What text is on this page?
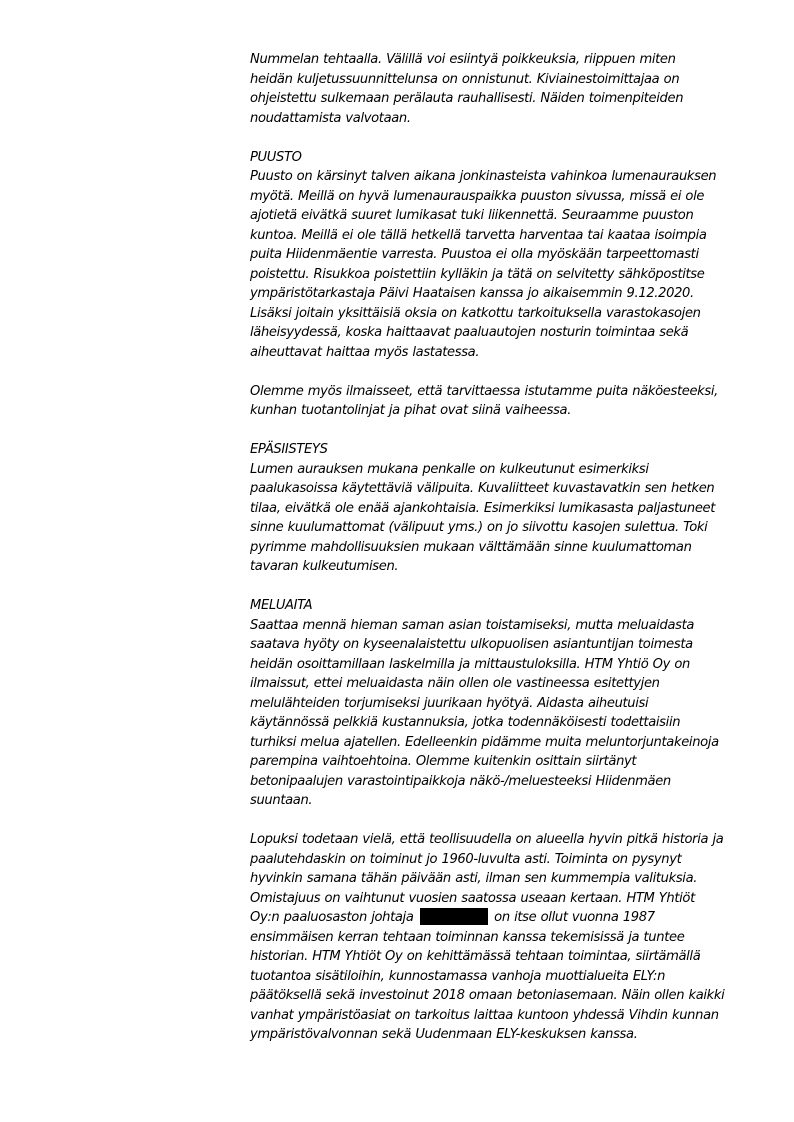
Nummelan tehtaalla. Välillä voi esiintyä poikkeuksia, riippuen miten
heidän kuljetussuunnittelunsa on onnistunut. Kiviainestoimittajaa on
ohjeistettu sulkemaan perälauta rauhallisesti. Näiden toimenpiteiden
noudattamista valvotaan.
PUUSTO
Puusto on kärsinyt talven aikana jonkinasteista vahinkoa lumenaurauksen
myötä. Meillä on hyvä lumenaurauspaikka puuston sivussa, missä ei ole
ajotietä eivätkä suuret lumikasat tuki liikennettä. Seuraamme puuston
kuntoa. Meillä ei ole tällä hetkellä tarvetta harventaa tai kaataa isoimpia
puita Hiidenmäentie varresta. Puustoa ei olla myöskään tarpeettomasti
poistettu. Risukkoa poistettiin kylläkin ja tätä on selvitetty sähköpostitse
ympäristötarkastaja Päivi Haataisen kanssa jo aikaisemmin 9.12.2020.
Lisäksi joitain yksittäisiä oksia on katkottu tarkoituksella varastokasojen
läheisyydessä, koska haittaavat paaluautojen nosturin toimintaa sekä
aiheuttavat haittaa myös lastatessa.
Olemme myös ilmaisseet, että tarvittaessa istutamme puita näköesteeksi,
kunhan tuotantolinjat ja pihat ovat siinä vaiheessa.
EPÄSIISTEYS
Lumen aurauksen mukana penkalle on kulkeutunut esimerkiksi
paalukasoissa käytettäviä välipuita. Kuvaliitteet kuvastavatkin sen hetken
tilaa, eivätkä ole enää ajankohtaisia. Esimerkiksi lumikasasta paljastuneet
sinne kuulumattomat (välipuut yms.) on jo siivottu kasojen sulettua. Toki
pyrimme mahdollisuuksien mukaan välttämään sinne kuulumattoman
tavaran kulkeutumisen.
MELUAITA
Saattaa mennä hieman saman asian toistamiseksi, mutta meluaidasta
saatava hyöty on kyseenalaistettu ulkopuolisen asiantuntijan toimesta
heidän osoittamillaan laskelmilla ja mittaustuloksilla. HTM Yhtiö Oy on
ilmaissut, ettei meluaidasta näin ollen ole vastineessa esitettyjen
melulähteiden torjumiseksi juurikaan hyötyä. Aidasta aiheutuisi
käytännössä pelkkiä kustannuksia, jotka todennäköisesti todettaisiin
turhiksi melua ajatellen. Edelleenkin pidämme muita meluntorjuntakeinoja
parempina vaihtoehtoina. Olemme kuitenkin osittain siirtänyt
betonipaalujen varastointipaikkoja näkö-/meluesteeksi Hiidenmäen
suuntaan.
Lopuksi todetaan vielä, että teollisuudella on alueella hyvin pitkä historia ja
paalutehdaskin on toiminut jo 1960-luvulta asti. Toiminta on pysynyt
hyvinkin samana tähän päivään asti, ilman sen kummempia valituksia.
Omistajuus on vaihtunut vuosien saatossa useaan kertaan. HTM Yhtiöt
Oy:n paaluosaston johtaja	on itse ollut vuonna 1987
ensimmäisen kerran tehtaan toiminnan kanssa tekemisissä ja tuntee
historian. HTM Yhtiöt Oy on kehittämässä tehtaan toimintaa, siirtämällä
tuotantoa sisätiloihin, kunnostamassa vanhoja muottialueita ELY:n
päätöksellä sekä investoinut 2018 omaan betoniasemaan. Näin ollen kaikki
vanhat ympäristöasiat on tarkoitus laittaa kuntoon yhdessä Vihdin kunnan
ympäristövalvonnan sekä Uudenmaan ELY-keskuksen kanssa.
